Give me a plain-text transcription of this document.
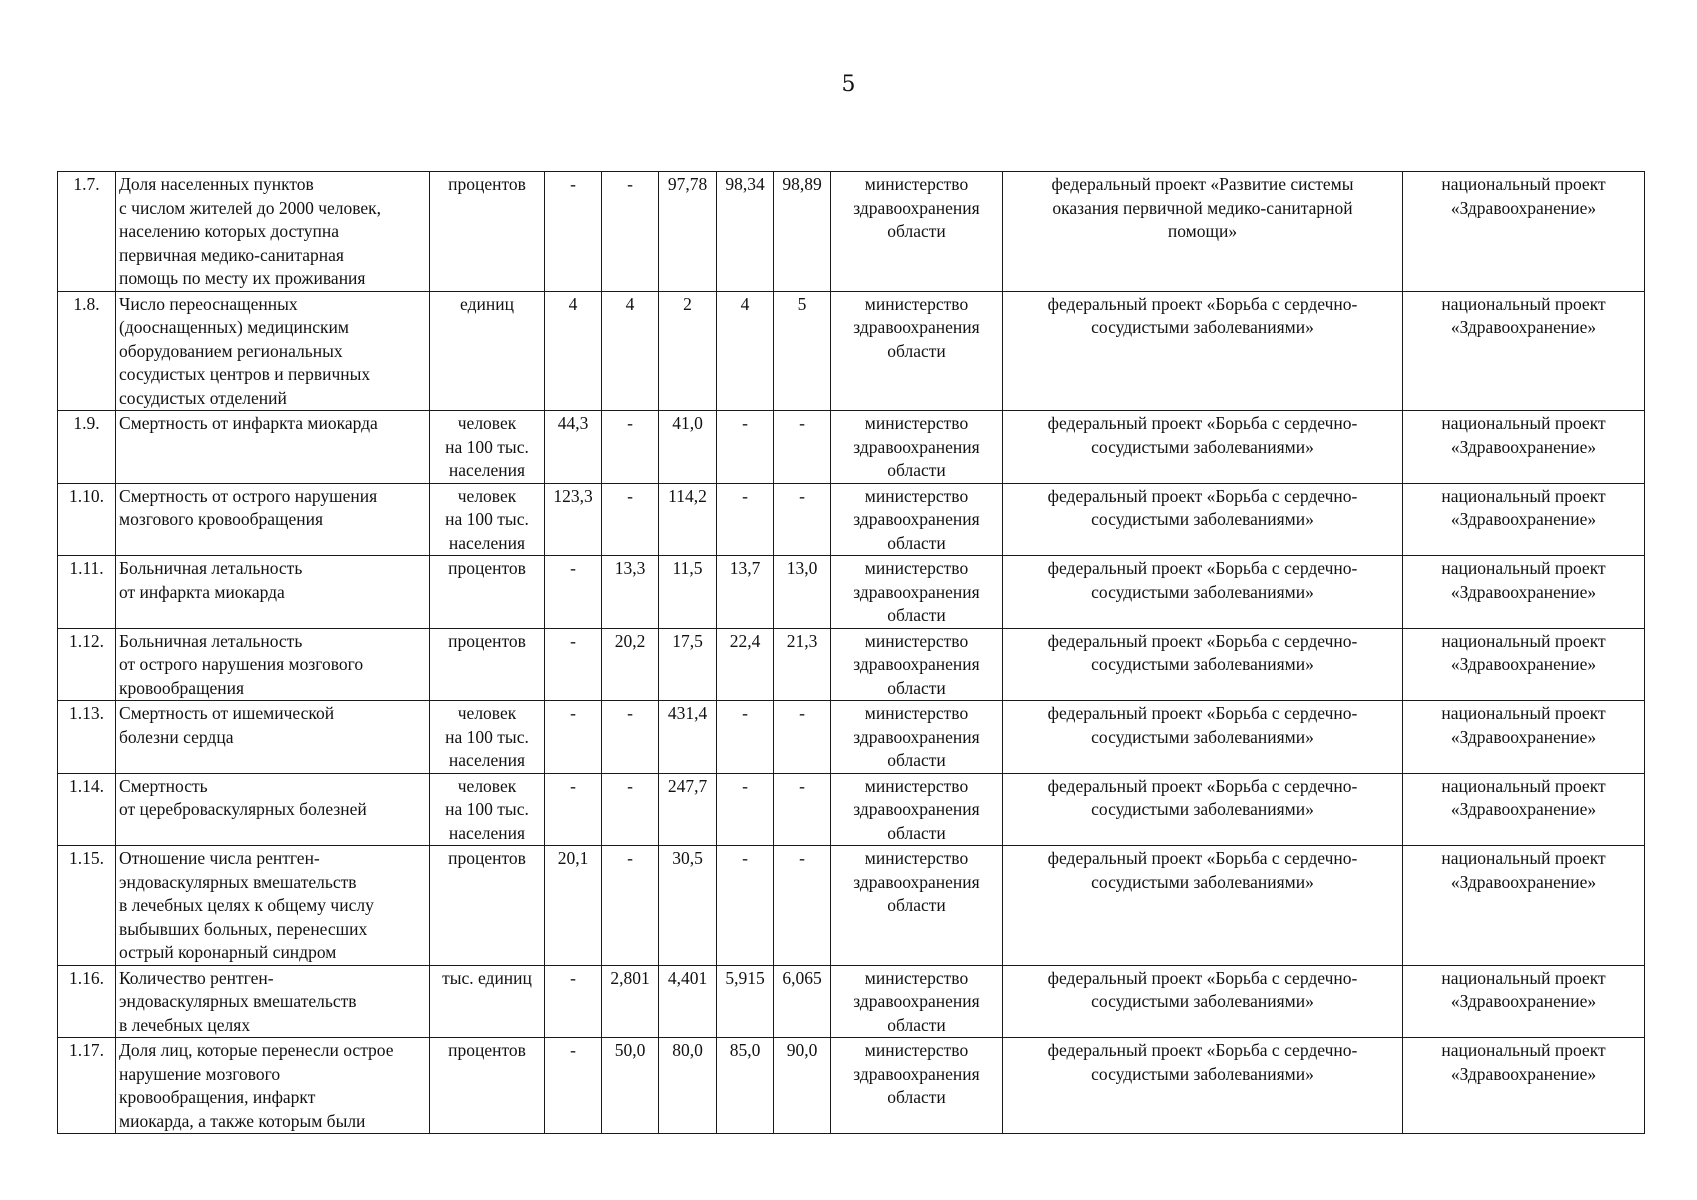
5
1.7.	Доля населенных пунктов
с числом жителей до 2000 человек,
населению которых доступна
первичная медико-санитарная
помощь по месту их проживания	процентов	-	-	97,78	98,34	98,89	министерство
здравоохранения
области	федеральный проект «Развитие системы
оказания первичной медико-санитарной
помощи»	национальный проект
«Здравоохранение»
1.8.	Число переоснащенных
(дооснащенных) медицинским
оборудованием региональных
сосудистых центров и первичных
сосудистых отделений	единиц	4	4	2	4	5	министерство
здравоохранения
области	федеральный проект «Борьба с сердечно-
сосудистыми заболеваниями»	национальный проект
«Здравоохранение»
1.9.	Смертность от инфаркта миокарда	человек
на 100 тыс.
населения	44,3	-	41,0	-	-	министерство
здравоохранения
области	федеральный проект «Борьба с сердечно-
сосудистыми заболеваниями»	национальный проект
«Здравоохранение»
1.10.	Смертность от острого нарушения
мозгового кровообращения	человек
на 100 тыс.
населения	123,3	-	114,2	-	-	министерство
здравоохранения
области	федеральный проект «Борьба с сердечно-
сосудистыми заболеваниями»	национальный проект
«Здравоохранение»
1.11.	Больничная летальность
от инфаркта миокарда	процентов	-	13,3	11,5	13,7	13,0	министерство
здравоохранения
области	федеральный проект «Борьба с сердечно-
сосудистыми заболеваниями»	национальный проект
«Здравоохранение»
1.12.	Больничная летальность
от острого нарушения мозгового
кровообращения	процентов	-	20,2	17,5	22,4	21,3	министерство
здравоохранения
области	федеральный проект «Борьба с сердечно-
сосудистыми заболеваниями»	национальный проект
«Здравоохранение»
1.13.	Смертность от ишемической
болезни сердца	человек
на 100 тыс.
населения	-	-	431,4	-	-	министерство
здравоохранения
области	федеральный проект «Борьба с сердечно-
сосудистыми заболеваниями»	национальный проект
«Здравоохранение»
1.14.	Смертность
от цереброваскулярных болезней	человек
на 100 тыс.
населения	-	-	247,7	-	-	министерство
здравоохранения
области	федеральный проект «Борьба с сердечно-
сосудистыми заболеваниями»	национальный проект
«Здравоохранение»
1.15.	Отношение числа рентген-
эндоваскулярных вмешательств
в лечебных целях к общему числу
выбывших больных, перенесших
острый коронарный синдром	процентов	20,1	-	30,5	-	-	министерство
здравоохранения
области	федеральный проект «Борьба с сердечно-
сосудистыми заболеваниями»	национальный проект
«Здравоохранение»
1.16.	Количество рентген-
эндоваскулярных вмешательств
в лечебных целях	тыс. единиц	-	2,801	4,401	5,915	6,065	министерство
здравоохранения
области	федеральный проект «Борьба с сердечно-
сосудистыми заболеваниями»	национальный проект
«Здравоохранение»
1.17.	Доля лиц, которые перенесли острое
нарушение мозгового
кровообращения, инфаркт
миокарда, а также которым были	процентов	-	50,0	80,0	85,0	90,0	министерство
здравоохранения
области	федеральный проект «Борьба с сердечно-
сосудистыми заболеваниями»	национальный проект
«Здравоохранение»
